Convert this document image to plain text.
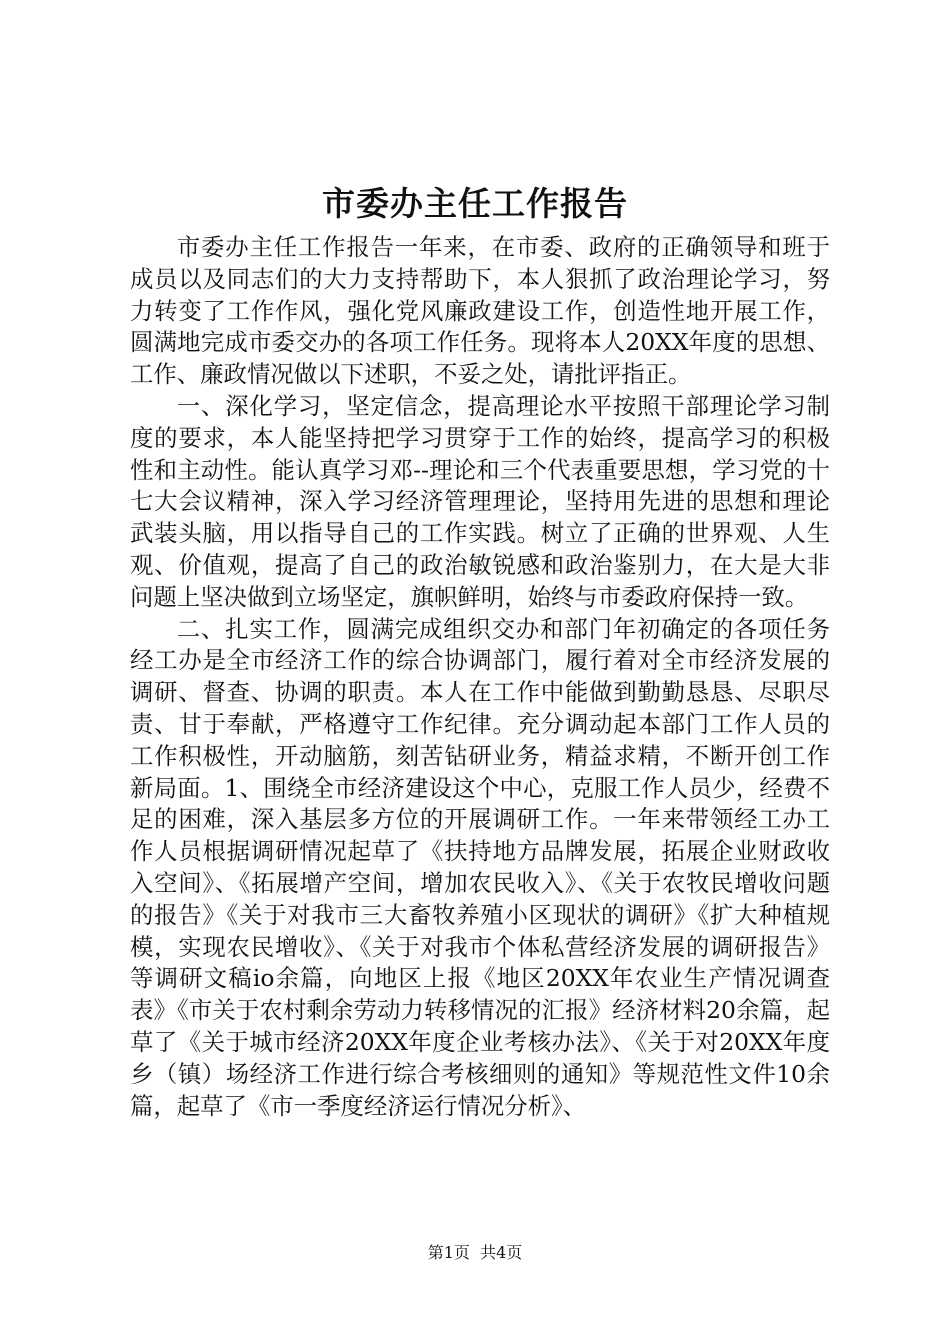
市委办主任工作报告

市委办主任工作报告一年来，在市委、政府的正确领导和班于成员以及同志们的大力支持帮助下，本人狠抓了政治理论学习，努力转变了工作作风，强化党风廉政建设工作，创造性地开展工作，圆满地完成市委交办的各项工作任务。现将本人20XX年度的思想、工作、廉政情况做以下述职，不妥之处，请批评指正。

一、深化学习，坚定信念，提高理论水平按照干部理论学习制度的要求，本人能坚持把学习贯穿于工作的始终，提高学习的积极性和主动性。能认真学习邓--理论和三个代表重要思想，学习党的十七大会议精神，深入学习经济管理理论，坚持用先进的思想和理论武装头脑，用以指导自己的工作实践。树立了正确的世界观、人生观、价值观，提高了自己的政治敏锐感和政治鉴别力，在大是大非问题上坚决做到立场坚定，旗帜鲜明，始终与市委政府保持一致。

二、扎实工作，圆满完成组织交办和部门年初确定的各项任务经工办是全市经济工作的综合协调部门，履行着对全市经济发展的调研、督查、协调的职责。本人在工作中能做到勤勤恳恳、尽职尽责、甘于奉献，严格遵守工作纪律。充分调动起本部门工作人员的工作积极性，开动脑筋，刻苦钻研业务，精益求精，不断开创工作新局面。1、围绕全市经济建设这个中心，克服工作人员少，经费不足的困难，深入基层多方位的开展调研工作。一年来带领经工办工作人员根据调研情况起草了《扶持地方品牌发展，拓展企业财政收入空间》、《拓展增产空间，增加农民收入》、《关于农牧民增收问题的报告》《关于对我市三大畜牧养殖小区现状的调研》《扩大种植规模，实现农民增收》、《关于对我市个体私营经济发展的调研报告》等调研文稿io余篇，向地区上报《地区20XX年农业生产情况调查表》《市关于农村剩余劳动力转移情况的汇报》经济材料20余篇，起草了《关于城市经济20XX年度企业考核办法》、《关于对20XX年度乡（镇）场经济工作进行综合考核细则的通知》等规范性文件10余篇，起草了《市一季度经济运行情况分析》、

第1页 共4页
